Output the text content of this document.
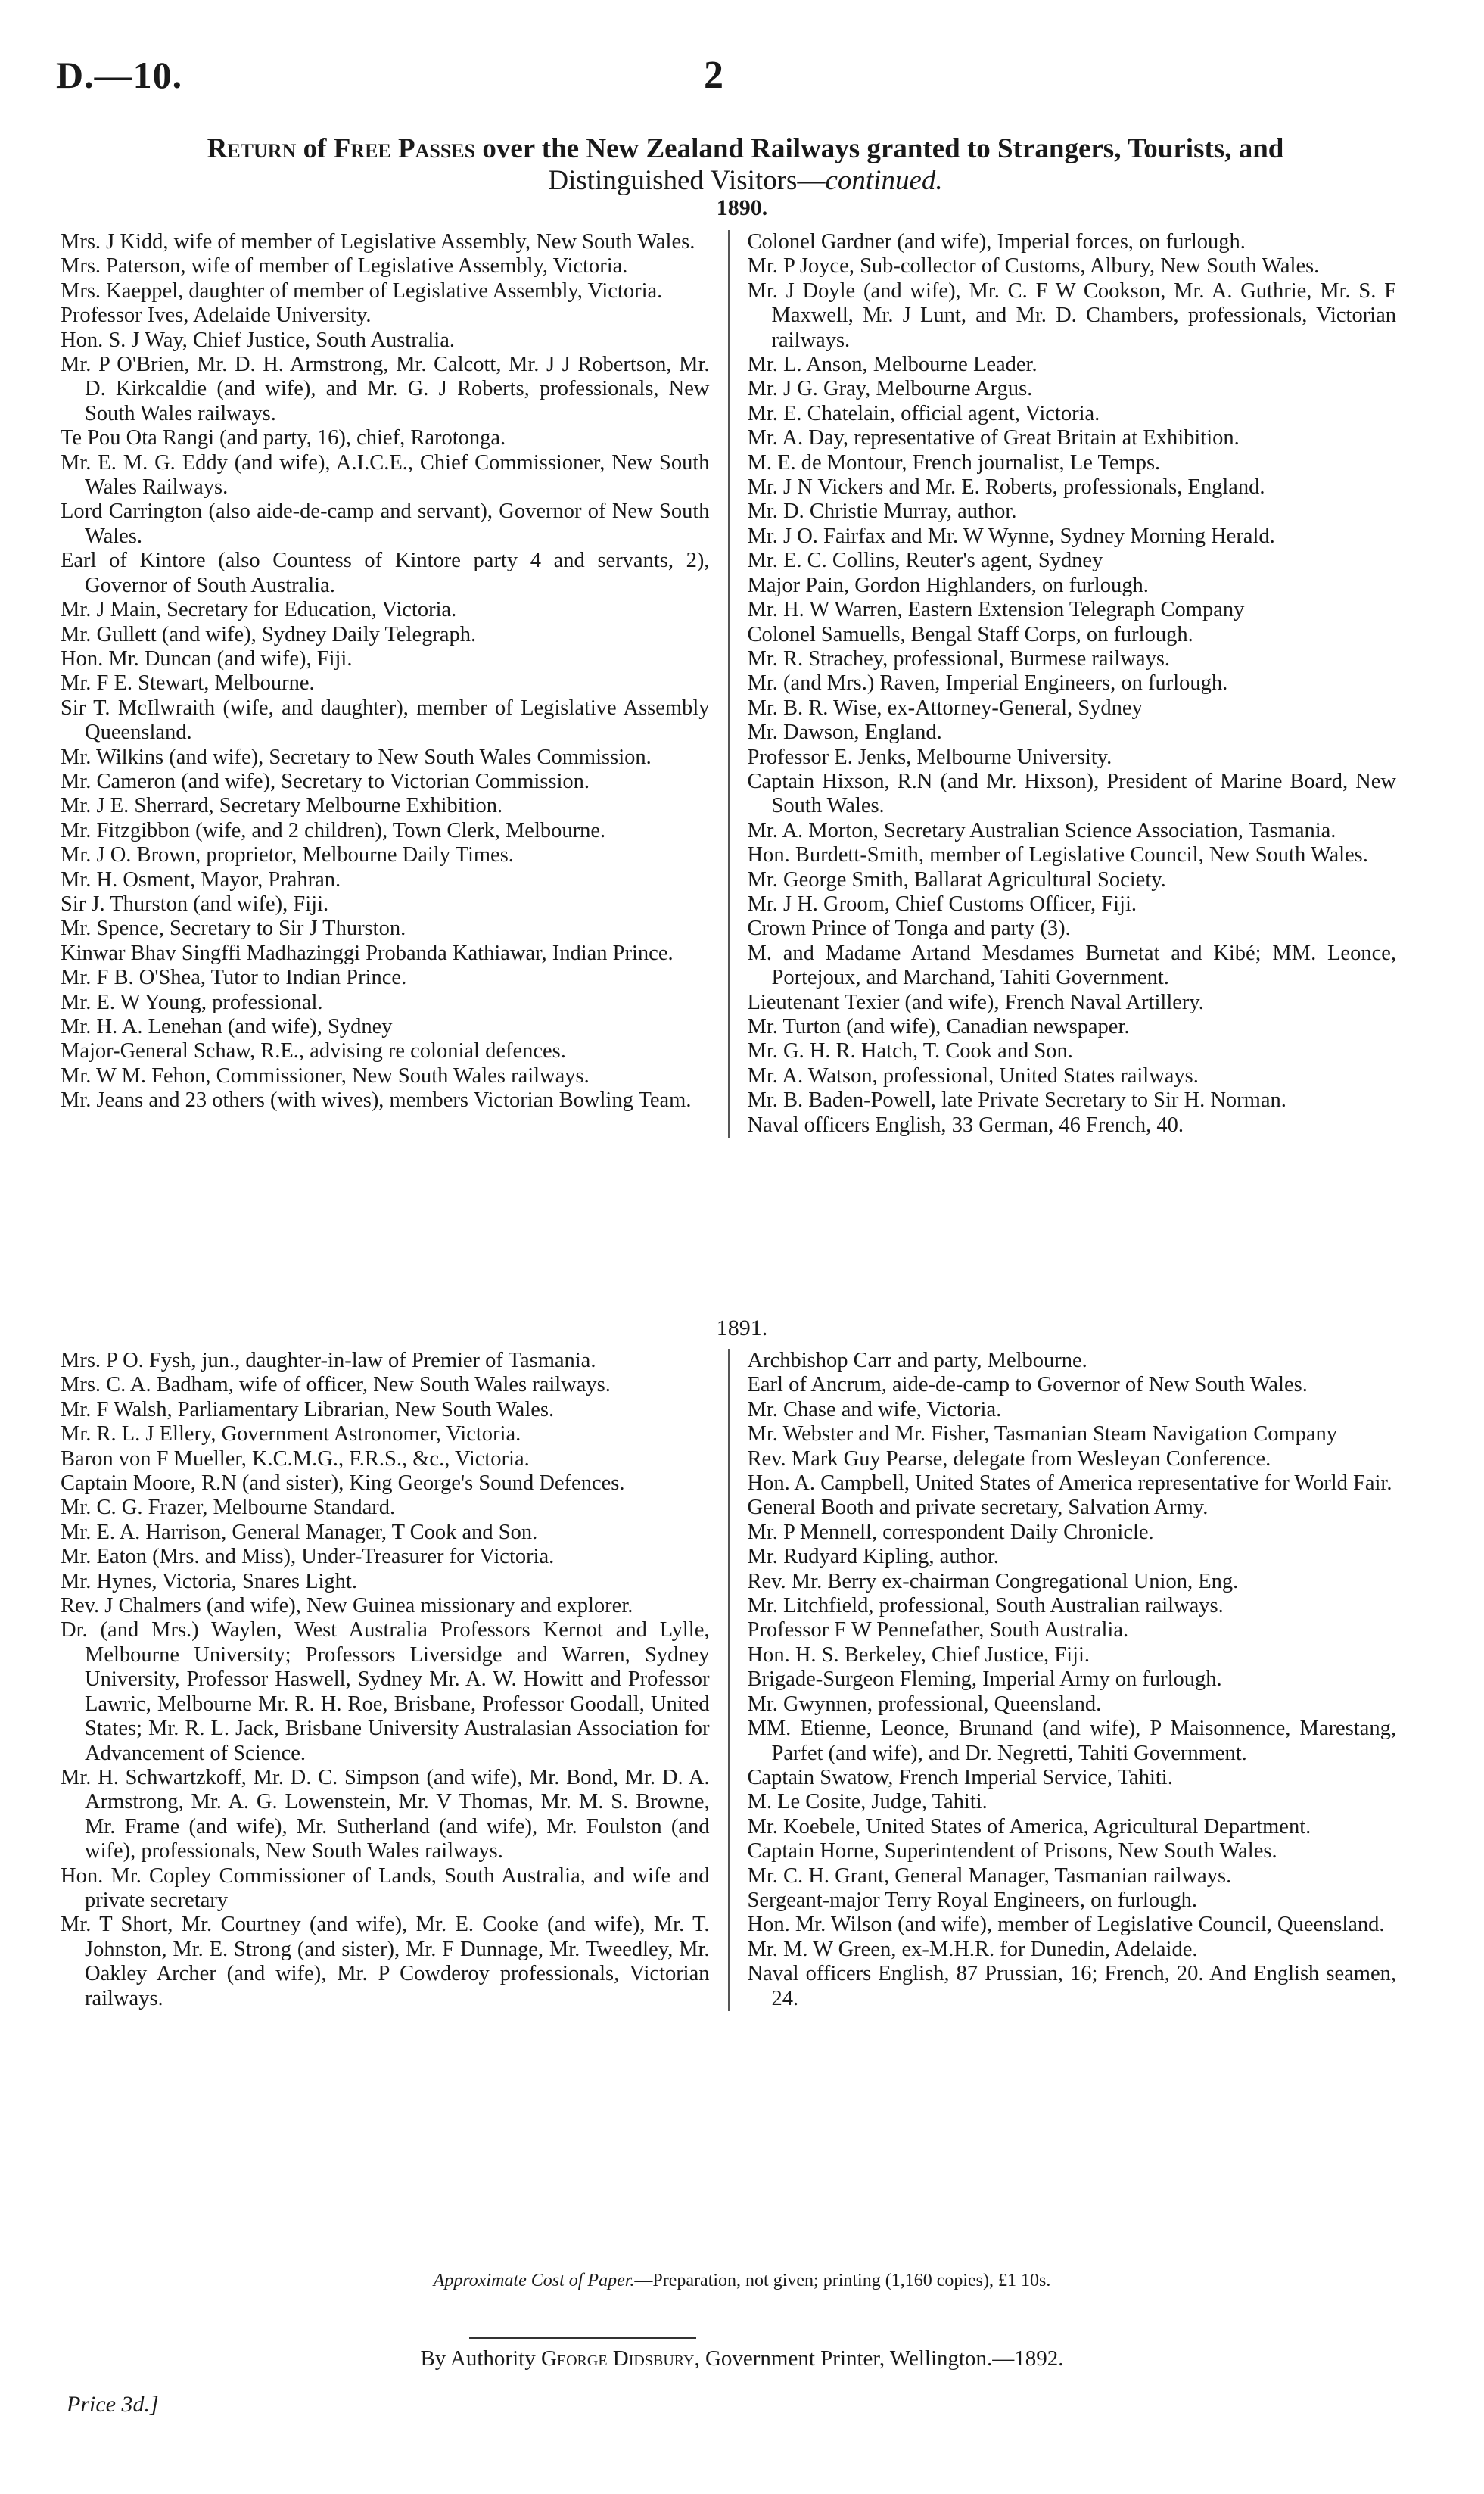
D.—10.	2
Return of Free Passes over the New Zealand Railways granted to Strangers, Tourists, and
Distinguished Visitors—continued.
1890.

Mrs. J Kidd, wife of member of Legislative Assembly, New South Wales.

Mrs. Paterson, wife of member of Legislative Assembly, Victoria.

Mrs. Kaeppel, daughter of member of Legislative Assembly, Victoria.

Professor Ives, Adelaide University.

Hon. S. J Way, Chief Justice, South Australia.

Mr. P O'Brien, Mr. D. H. Armstrong, Mr. Calcott, Mr. J J Robertson, Mr. D. Kirkcaldie (and wife), and Mr. G. J Roberts, professionals, New South Wales railways.

Te Pou Ota Rangi (and party, 16), chief, Rarotonga.

Mr. E. M. G. Eddy (and wife), A.I.C.E., Chief Commissioner, New South Wales Railways.

Lord Carrington (also aide-de-camp and servant), Governor of New South Wales.

Earl of Kintore (also Countess of Kintore party 4 and servants, 2), Governor of South Australia.

Mr. J Main, Secretary for Education, Victoria.

Mr. Gullett (and wife), Sydney Daily Telegraph.

Hon. Mr. Duncan (and wife), Fiji.

Mr. F E. Stewart, Melbourne.

Sir T. McIlwraith (wife, and daughter), member of Legislative Assembly Queensland.

Mr. Wilkins (and wife), Secretary to New South Wales Commission.

Mr. Cameron (and wife), Secretary to Victorian Commission.

Mr. J E. Sherrard, Secretary Melbourne Exhibition.

Mr. Fitzgibbon (wife, and 2 children), Town Clerk, Melbourne.

Mr. J O. Brown, proprietor, Melbourne Daily Times.

Mr. H. Osment, Mayor, Prahran.

Sir J. Thurston (and wife), Fiji.

Mr. Spence, Secretary to Sir J Thurston.

Kinwar Bhav Singffi Madhazinggi Probanda Kathiawar, Indian Prince.

Mr. F B. O'Shea, Tutor to Indian Prince.

Mr. E. W Young, professional.

Mr. H. A. Lenehan (and wife), Sydney

Major-General Schaw, R.E., advising re colonial defences.

Mr. W M. Fehon, Commissioner, New South Wales railways.

Mr. Jeans and 23 others (with wives), members Victorian Bowling Team.

Colonel Gardner (and wife), Imperial forces, on furlough.

Mr. P Joyce, Sub-collector of Customs, Albury, New South Wales.

Mr. J Doyle (and wife), Mr. C. F W Cookson, Mr. A. Guthrie, Mr. S. F Maxwell, Mr. J Lunt, and Mr. D. Chambers, professionals, Victorian railways.

Mr. L. Anson, Melbourne Leader.

Mr. J G. Gray, Melbourne Argus.

Mr. E. Chatelain, official agent, Victoria.

Mr. A. Day, representative of Great Britain at Exhibition.

M. E. de Montour, French journalist, Le Temps.

Mr. J N Vickers and Mr. E. Roberts, professionals, England.

Mr. D. Christie Murray, author.

Mr. J O. Fairfax and Mr. W Wynne, Sydney Morning Herald.

Mr. E. C. Collins, Reuter's agent, Sydney

Major Pain, Gordon Highlanders, on furlough.

Mr. H. W Warren, Eastern Extension Telegraph Company

Colonel Samuells, Bengal Staff Corps, on furlough.

Mr. R. Strachey, professional, Burmese railways.

Mr. (and Mrs.) Raven, Imperial Engineers, on furlough.

Mr. B. R. Wise, ex-Attorney-General, Sydney

Mr. Dawson, England.

Professor E. Jenks, Melbourne University.

Captain Hixson, R.N (and Mr. Hixson), President of Marine Board, New South Wales.

Mr. A. Morton, Secretary Australian Science Association, Tasmania.

Hon. Burdett-Smith, member of Legislative Council, New South Wales.

Mr. George Smith, Ballarat Agricultural Society.

Mr. J H. Groom, Chief Customs Officer, Fiji.

Crown Prince of Tonga and party (3).

M. and Madame Artand Mesdames Burnetat and Kibé; MM. Leonce, Portejoux, and Marchand, Tahiti Government.

Lieutenant Texier (and wife), French Naval Artillery.

Mr. Turton (and wife), Canadian newspaper.

Mr. G. H. R. Hatch, T. Cook and Son.

Mr. A. Watson, professional, United States railways.

Mr. B. Baden-Powell, late Private Secretary to Sir H. Norman.

Naval officers English, 33 German, 46 French, 40.

1891.

Mrs. P O. Fysh, jun., daughter-in-law of Premier of Tasmania.

Mrs. C. A. Badham, wife of officer, New South Wales railways.

Mr. F Walsh, Parliamentary Librarian, New South Wales.

Mr. R. L. J Ellery, Government Astronomer, Victoria.

Baron von F Mueller, K.C.M.G., F.R.S., &c., Victoria.

Captain Moore, R.N (and sister), King George's Sound Defences.

Mr. C. G. Frazer, Melbourne Standard.

Mr. E. A. Harrison, General Manager, T Cook and Son.

Mr. Eaton (Mrs. and Miss), Under-Treasurer for Victoria.

Mr. Hynes, Victoria, Snares Light.

Rev. J Chalmers (and wife), New Guinea missionary and explorer.

Dr. (and Mrs.) Waylen, West Australia Professors Kernot and Lylle, Melbourne University; Professors Liversidge and Warren, Sydney University, Professor Haswell, Sydney Mr. A. W. Howitt and Professor Lawric, Melbourne Mr. R. H. Roe, Brisbane, Professor Goodall, United States; Mr. R. L. Jack, Brisbane University Australasian Association for Advancement of Science.

Mr. H. Schwartzkoff, Mr. D. C. Simpson (and wife), Mr. Bond, Mr. D. A. Armstrong, Mr. A. G. Lowenstein, Mr. V Thomas, Mr. M. S. Browne, Mr. Frame (and wife), Mr. Sutherland (and wife), Mr. Foulston (and wife), professionals, New South Wales railways.

Hon. Mr. Copley Commissioner of Lands, South Australia, and wife and private secretary

Mr. T Short, Mr. Courtney (and wife), Mr. E. Cooke (and wife), Mr. T. Johnston, Mr. E. Strong (and sister), Mr. F Dunnage, Mr. Tweedley, Mr. Oakley Archer (and wife), Mr. P Cowderoy professionals, Victorian railways.

Archbishop Carr and party, Melbourne.

Earl of Ancrum, aide-de-camp to Governor of New South Wales.

Mr. Chase and wife, Victoria.

Mr. Webster and Mr. Fisher, Tasmanian Steam Navigation Company

Rev. Mark Guy Pearse, delegate from Wesleyan Conference.

Hon. A. Campbell, United States of America representative for World Fair.

General Booth and private secretary, Salvation Army.

Mr. P Mennell, correspondent Daily Chronicle.

Mr. Rudyard Kipling, author.

Rev. Mr. Berry ex-chairman Congregational Union, Eng.

Mr. Litchfield, professional, South Australian railways.

Professor F W Pennefather, South Australia.

Hon. H. S. Berkeley, Chief Justice, Fiji.

Brigade-Surgeon Fleming, Imperial Army on furlough.

Mr. Gwynnen, professional, Queensland.

MM. Etienne, Leonce, Brunand (and wife), P Maisonnence, Marestang, Parfet (and wife), and Dr. Negretti, Tahiti Government.

Captain Swatow, French Imperial Service, Tahiti.

M. Le Cosite, Judge, Tahiti.

Mr. Koebele, United States of America, Agricultural Department.

Captain Horne, Superintendent of Prisons, New South Wales.

Mr. C. H. Grant, General Manager, Tasmanian railways.

Sergeant-major Terry Royal Engineers, on furlough.

Hon. Mr. Wilson (and wife), member of Legislative Council, Queensland.

Mr. M. W Green, ex-M.H.R. for Dunedin, Adelaide.

Naval officers English, 87 Prussian, 16; French, 20. And English seamen, 24.

Approximate Cost of Paper.—Preparation, not given; printing (1,160 copies), £1 10s.
By Authority George Didsbury, Government Printer, Wellington.—1892.
Price 3d.]
